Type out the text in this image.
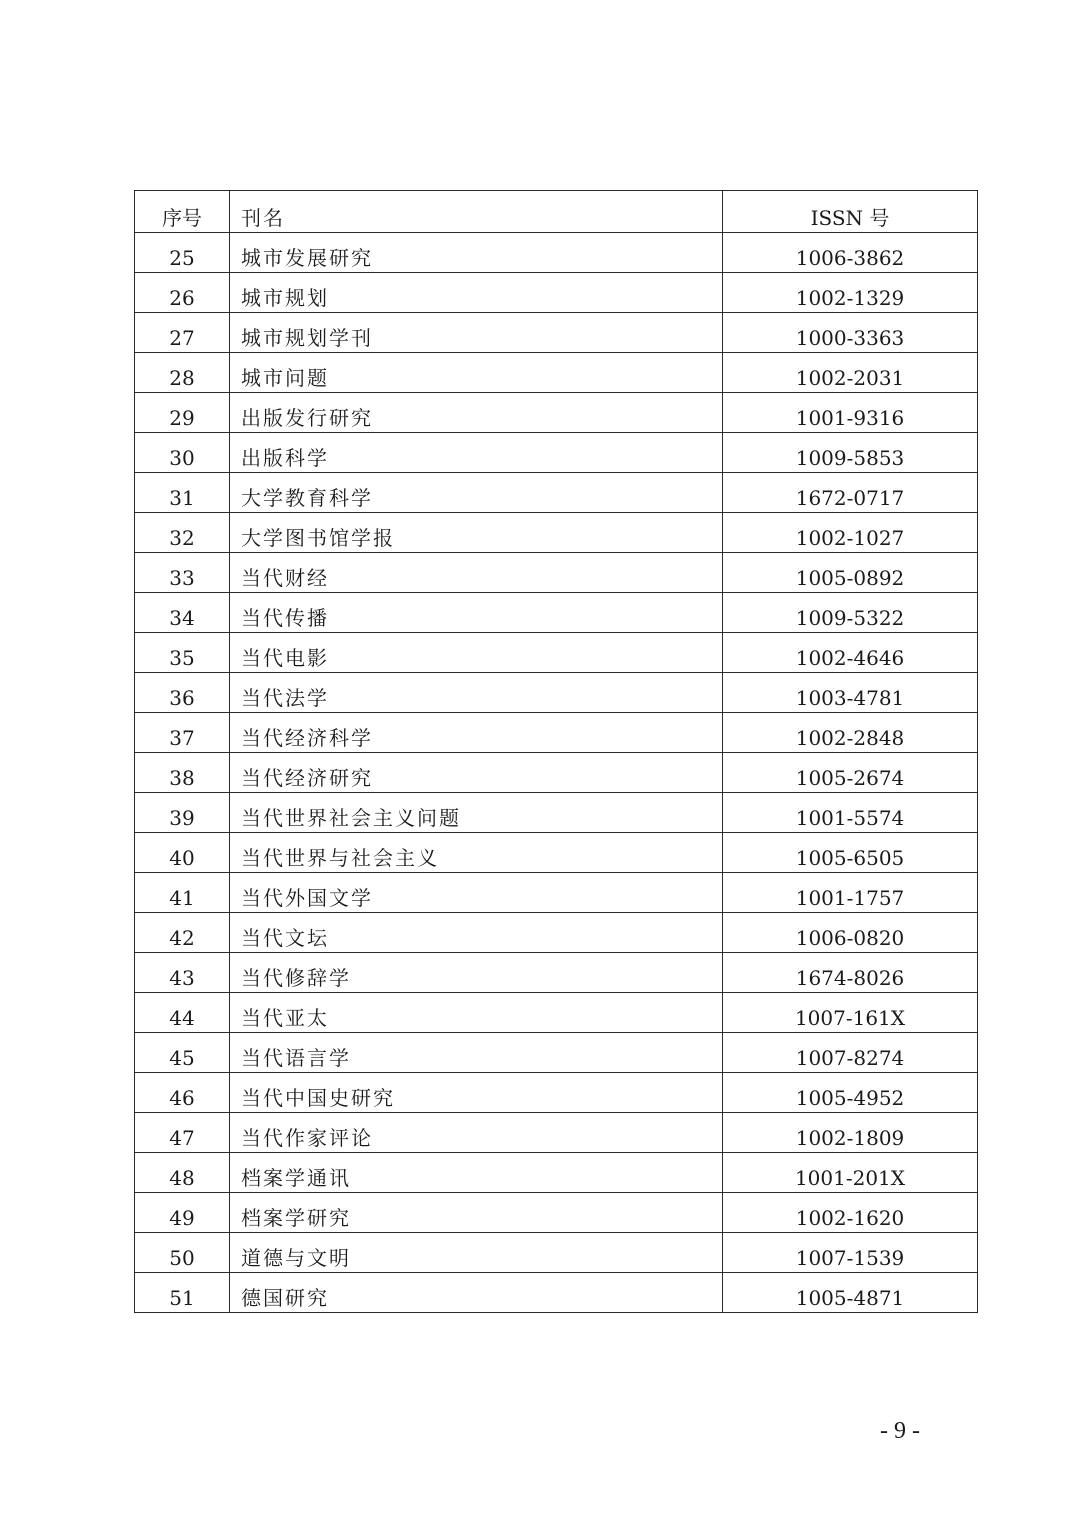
序号	刊名	ISSN 号
25	城市发展研究	1006-3862
26	城市规划	1002-1329
27	城市规划学刊	1000-3363
28	城市问题	1002-2031
29	出版发行研究	1001-9316
30	出版科学	1009-5853
31	大学教育科学	1672-0717
32	大学图书馆学报	1002-1027
33	当代财经	1005-0892
34	当代传播	1009-5322
35	当代电影	1002-4646
36	当代法学	1003-4781
37	当代经济科学	1002-2848
38	当代经济研究	1005-2674
39	当代世界社会主义问题	1001-5574
40	当代世界与社会主义	1005-6505
41	当代外国文学	1001-1757
42	当代文坛	1006-0820
43	当代修辞学	1674-8026
44	当代亚太	1007-161X
45	当代语言学	1007-8274
46	当代中国史研究	1005-4952
47	当代作家评论	1002-1809
48	档案学通讯	1001-201X
49	档案学研究	1002-1620
50	道德与文明	1007-1539
51	德国研究	1005-4871
- 9 -
